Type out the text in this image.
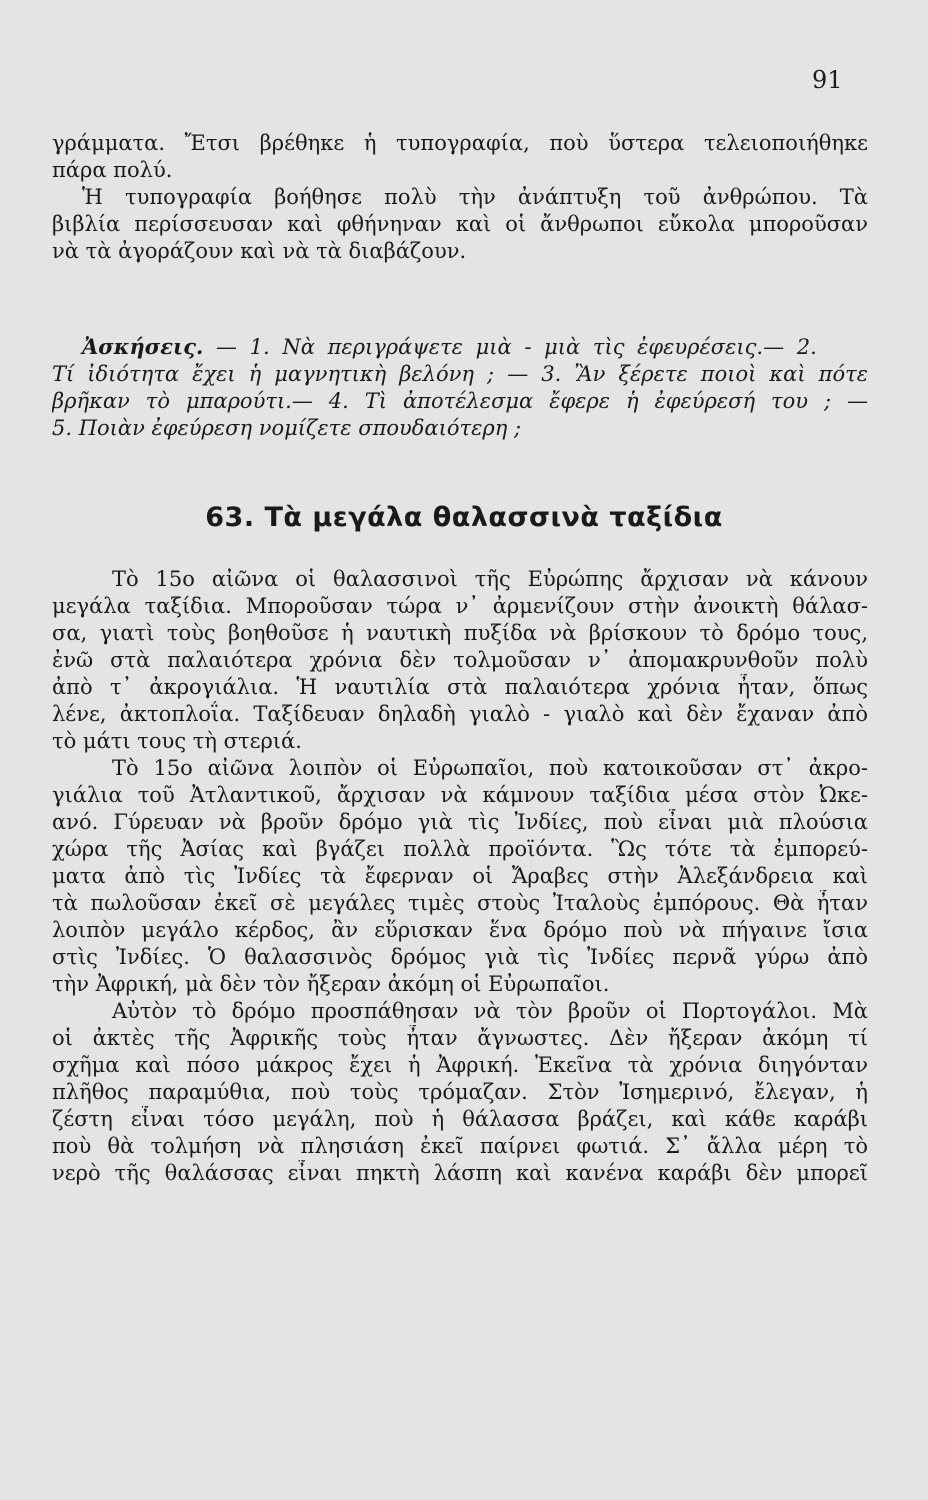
91
γράμματα. Ἔτσι βρέθηκε ἡ τυπογραφία, ποὺ ὕστερα τελειοποιήθηκε
πάρα πολύ.
Ἡ τυπογραφία βοήθησε πολὺ τὴν ἀνάπτυξη τοῦ ἀνθρώπου. Τὰ
βιβλία περίσσευσαν καὶ φθήνηναν καὶ οἱ ἄνθρωποι εὔκολα μποροῦσαν
νὰ τὰ ἀγοράζουν καὶ νὰ τὰ διαβάζουν.
Ἀσκήσεις. — 1. Νὰ περιγράψετε μιὰ - μιὰ τὶς ἐφευρέσεις.— 2.
Τί ἰδιότητα ἔχει ἡ μαγνητικὴ βελόνη ; — 3. Ἂν ξέρετε ποιοὶ καὶ πότε
βρῆκαν τὸ μπαρούτι.— 4. Τὶ ἀποτέλεσμα ἔφερε ἡ ἐφεύρεσή του ; —
5. Ποιὰν ἐφεύρεση νομίζετε σπουδαιότερη ;
63. Τὰ μεγάλα θαλασσινὰ ταξίδια
Τὸ 15ο αἰῶνα οἱ θαλασσινοὶ τῆς Εὐρώπης ἄρχισαν νὰ κάνουν
μεγάλα ταξίδια. Μποροῦσαν τώρα ν᾿ ἀρμενίζουν στὴν ἀνοικτὴ θάλασ-
σα, γιατὶ τοὺς βοηθοῦσε ἡ ναυτικὴ πυξίδα νὰ βρίσκουν τὸ δρόμο τους,
ἐνῶ στὰ παλαιότερα χρόνια δὲν τολμοῦσαν ν᾿ ἀπομακρυνθοῦν πολὺ
ἀπὸ τ᾿ ἀκρογιάλια. Ἡ ναυτιλία στὰ παλαιότερα χρόνια ἦταν, ὅπως
λένε, ἀκτοπλοΐα. Ταξίδευαν δηλαδὴ γιαλὸ - γιαλὸ καὶ δὲν ἔχαναν ἀπὸ
τὸ μάτι τους τὴ στεριά.
Τὸ 15ο αἰῶνα λοιπὸν οἱ Εὐρωπαῖοι, ποὺ κατοικοῦσαν στ᾿ ἀκρο-
γιάλια τοῦ Ἀτλαντικοῦ, ἄρχισαν νὰ κάμνουν ταξίδια μέσα στὸν Ὠκε-
ανό. Γύρευαν νὰ βροῦν δρόμο γιὰ τὶς Ἰνδίες, ποὺ εἶναι μιὰ πλούσια
χώρα τῆς Ἀσίας καὶ βγάζει πολλὰ προϊόντα. Ὣς τότε τὰ ἐμπορεύ-
ματα ἀπὸ τὶς Ἰνδίες τὰ ἔφερναν οἱ Ἄραβες στὴν Ἀλεξάνδρεια καὶ
τὰ πωλοῦσαν ἐκεῖ σὲ μεγάλες τιμὲς στοὺς Ἰταλοὺς ἐμπόρους. Θὰ ἦταν
λοιπὸν μεγάλο κέρδος, ἂν εὕρισκαν ἕνα δρόμο ποὺ νὰ πήγαινε ἴσια
στὶς Ἰνδίες. Ὁ θαλασσινὸς δρόμος γιὰ τὶς Ἰνδίες περνᾶ γύρω ἀπὸ
τὴν Ἀφρική, μὰ δὲν τὸν ἤξεραν ἀκόμη οἱ Εὐρωπαῖοι.
Αὐτὸν τὸ δρόμο προσπάθησαν νὰ τὸν βροῦν οἱ Πορτογάλοι. Μὰ
οἱ ἀκτὲς τῆς Ἀφρικῆς τοὺς ἦταν ἄγνωστες. Δὲν ἤξεραν ἀκόμη τί
σχῆμα καὶ πόσο μάκρος ἔχει ἡ Ἀφρική. Ἐκεῖνα τὰ χρόνια διηγόνταν
πλῆθος παραμύθια, ποὺ τοὺς τρόμαζαν. Στὸν Ἰσημερινό, ἔλεγαν, ἡ
ζέστη εἶναι τόσο μεγάλη, ποὺ ἡ θάλασσα βράζει, καὶ κάθε καράβι
ποὺ θὰ τολμήση νὰ πλησιάση ἐκεῖ παίρνει φωτιά. Σ᾿ ἄλλα μέρη τὸ
νερὸ τῆς θαλάσσας εἶναι πηκτὴ λάσπη καὶ κανένα καράβι δὲν μπορεῖ
